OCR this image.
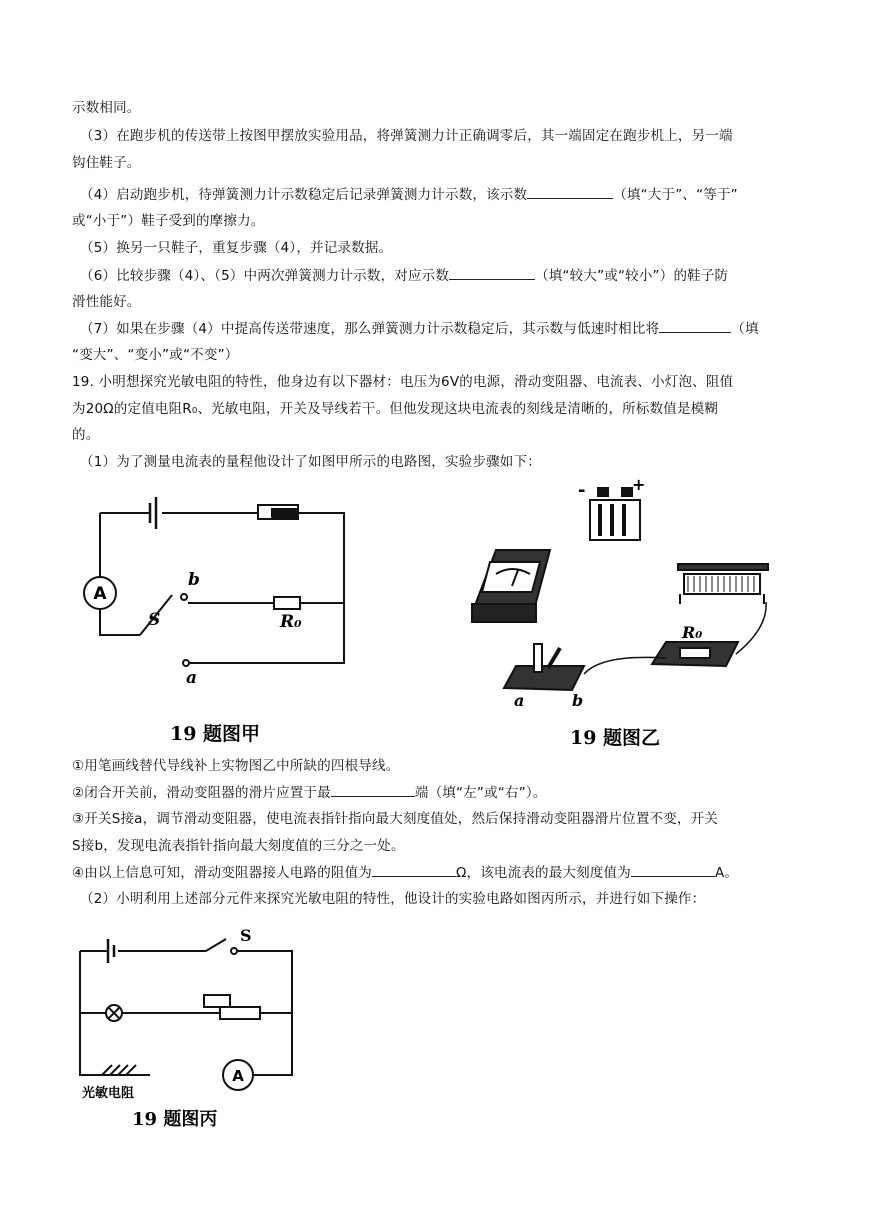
示数相同。
（3）在跑步机的传送带上按图甲摆放实验用品，将弹簧测力计正确调零后，其一端固定在跑步机上，另一端
钩住鞋子。
（4）启动跑步机，待弹簧测力计示数稳定后记录弹簧测力计示数，该示数	（填“大于”、“等于”
或“小于”）鞋子受到的摩擦力。
（5）换另一只鞋子，重复步骤（4），并记录数据。
（6）比较步骤（4）、（5）中两次弹簧测力计示数，对应示数	（填“较大”或“较小”）的鞋子防
滑性能好。
（7）如果在步骤（4）中提高传送带速度，那么弹簧测力计示数稳定后，其示数与低速时相比将	（填
“变大”、“变小”或“不变”）
19. 小明想探究光敏电阻的特性，他身边有以下器材：电压为6V的电源，滑动变阻器、电流表、小灯泡、阻值
为20Ω的定值电阻R₀、光敏电阻，开关及导线若干。但他发现这块电流表的刻线是清晰的，所标数值是模糊
的。
（1）为了测量电流表的量程他设计了如图甲所示的电路图，实验步骤如下：
A
S
b
a
R₀
19 题图甲
-	+
R₀
a	b
19 题图乙
①用笔画线替代导线补上实物图乙中所缺的四根导线。
②闭合开关前，滑动变阻器的滑片应置于最	端（填“左”或“右”）。
③开关S接a，调节滑动变阻器，使电流表指针指向最大刻度值处，然后保持滑动变阻器滑片位置不变，开关
S接b，发现电流表指针指向最大刻度值的三分之一处。
④由以上信息可知，滑动变阻器接人电路的阻值为	Ω，该电流表的最大刻度值为	A。
（2）小明利用上述部分元件来探究光敏电阻的特性，他设计的实验电路如图丙所示，并进行如下操作：
S
A
光敏电阻
19 题图丙
